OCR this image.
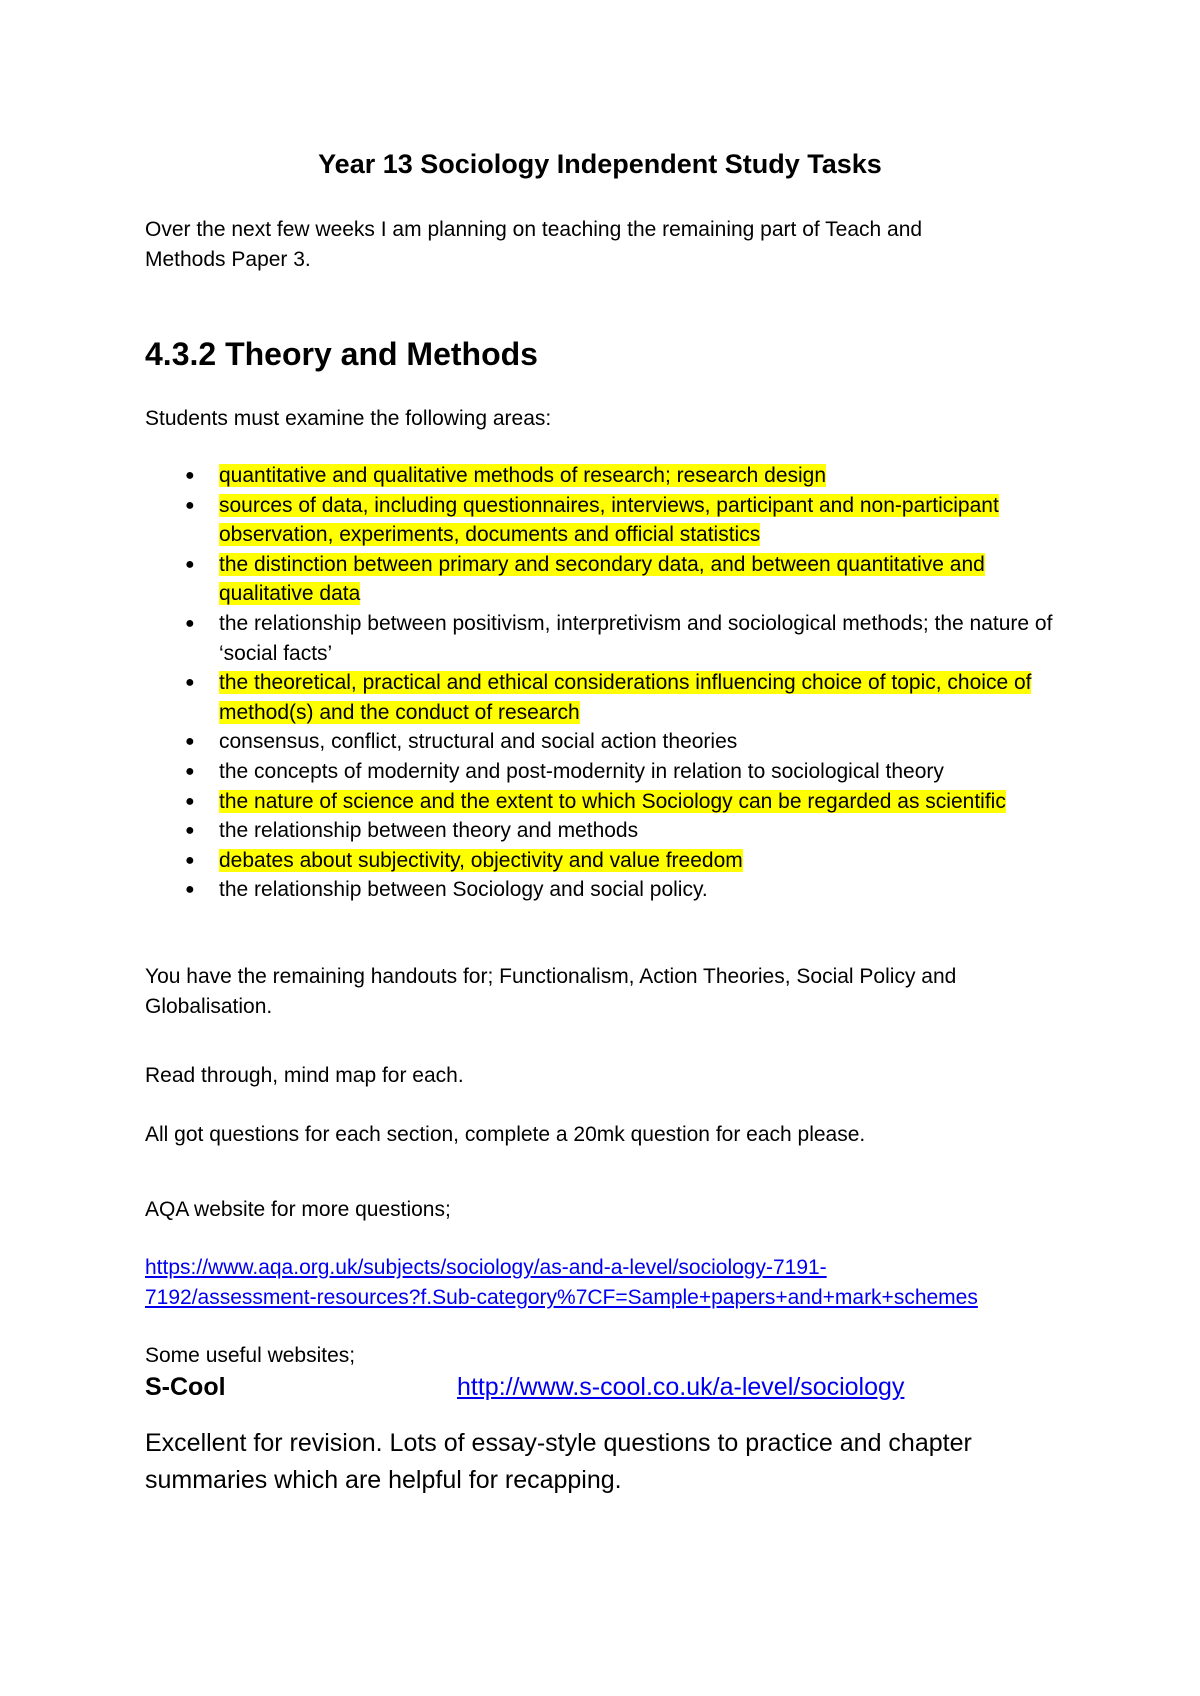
Year 13 Sociology Independent Study Tasks
Over the next few weeks I am planning on teaching the remaining part of Teach and Methods Paper 3.
4.3.2 Theory and Methods
Students must examine the following areas:
● quantitative and qualitative methods of research; research design
● sources of data, including questionnaires, interviews, participant and non-participant observation, experiments, documents and official statistics
● the distinction between primary and secondary data, and between quantitative and qualitative data
● the relationship between positivism, interpretivism and sociological methods; the nature of ‘social facts’
● the theoretical, practical and ethical considerations influencing choice of topic, choice of method(s) and the conduct of research
● consensus, conflict, structural and social action theories
● the concepts of modernity and post-modernity in relation to sociological theory
● the nature of science and the extent to which Sociology can be regarded as scientific
● the relationship between theory and methods
● debates about subjectivity, objectivity and value freedom
● the relationship between Sociology and social policy.
You have the remaining handouts for; Functionalism, Action Theories, Social Policy and Globalisation.
Read through, mind map for each.
All got questions for each section, complete a 20mk question for each please.
AQA website for more questions;
https://www.aqa.org.uk/subjects/sociology/as-and-a-level/sociology-7191-
7192/assessment-resources?f.Sub-category%7CF=Sample+papers+and+mark+schemes
Some useful websites;
S-Cool	http://www.s-cool.co.uk/a-level/sociology
Excellent for revision. Lots of essay-style questions to practice and chapter summaries which are helpful for recapping.
